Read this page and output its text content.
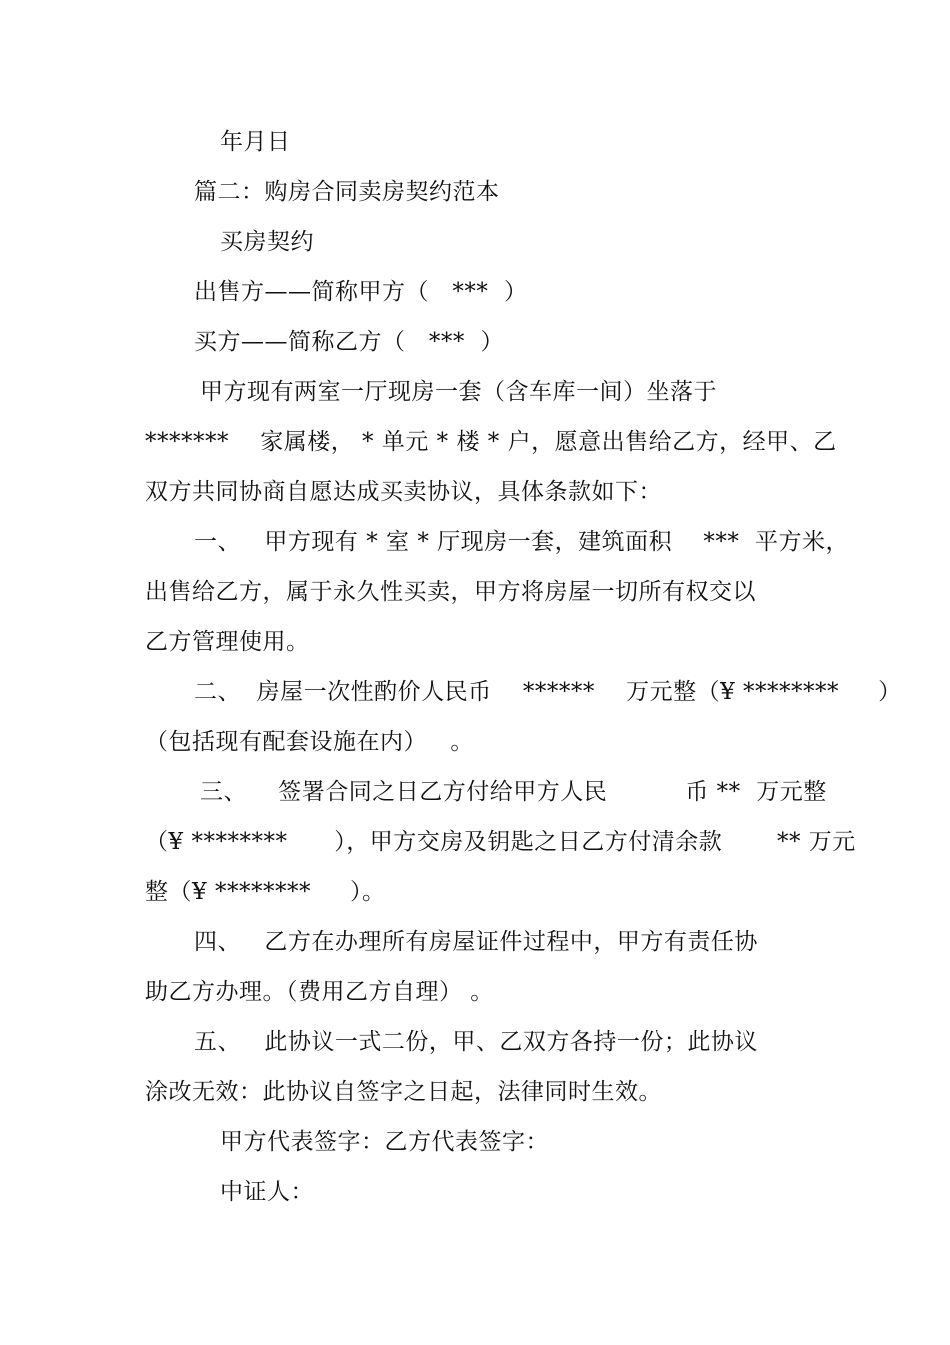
年月日
篇二：购房合同卖房契约范本
买房契约
出售方——简称甲方（   ***  ）
买方——简称乙方（   ***  ）
甲方现有两室一厅现房一套（含车库一间）坐落于
*******    家属楼， * 单元 * 楼 * 户，愿意出售给乙方，经甲、乙
双方共同协商自愿达成买卖协议，具体条款如下：
一、   甲方现有 * 室 * 厅现房一套，建筑面积    ***  平方米，
出售给乙方，属于永久性买卖，甲方将房屋一切所有权交以
乙方管理使用。
二、  房屋一次性酌价人民币    ******    万元整（¥ ********     ）
（包括现有配套设施在内）   。
三、    签署合同之日乙方付给甲方人民          币 **  万元整
（¥ ********      ），甲方交房及钥匙之日乙方付清余款       ** 万元
整（¥ ********     ）。
四、   乙方在办理所有房屋证件过程中，甲方有责任协
助乙方办理。（费用乙方自理） 。
五、   此协议一式二份，甲、乙双方各持一份；此协议
涂改无效：此协议自签字之日起，法律同时生效。
甲方代表签字：乙方代表签字：
中证人：
